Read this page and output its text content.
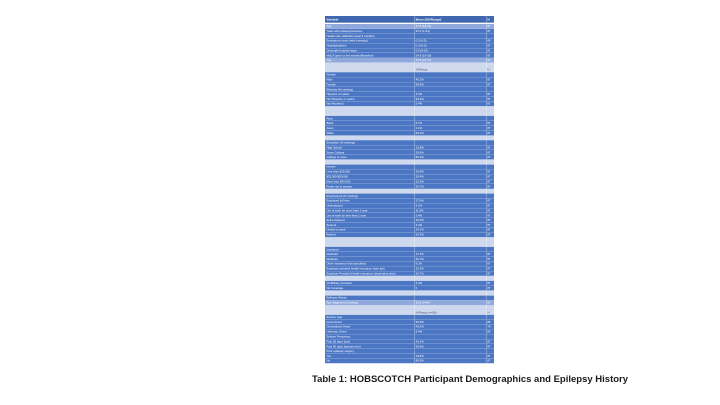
Variable	Mean (SD/Range)	N
Age	47.5 (18-74)	87
Years with epilepsy/seizures	20.4 (1-54)	87
Health care utilization (past 3 months)
Emergency room visits (missing)	0.5 (0-5)	86
Hospitalizations	0.3 (0-3)	87
Overnight hospital stays	0.5 (0-10)	87
MoCA (prior to first session/Baseline)	24.8 (16-30)	87
Age	47.5 (18-74)	87
%/Range	N
Gender
Male	40.2%	87
Female	59.8%	87
Ethnicity (% missing)
Hispanic or Latino	3.4%	87
Not Hispanic or Latino	93.1%	87
Not Reported	3.4%	87
Race
Black	5.7%	87
Asian	1.1%	87
White	93.1%	87
Education (% missing)
High School	13.8%	87
Some College	29.9%	87
College or more	56.3%	87
Income
Less than $25,000	19.5%	87
$25,000-$50,000	26.4%	87
More than $50,000	33.3%	87
Prefer not to answer	20.7%	87
Employment (% missing)
Employed full time	27.6%	87
Unemployed	9.2%	87
Out of work for more than 1 year	11.5%	87
Out of work for less than 1 year	3.4%	87
Self-employed	10.3%	87
Student	3.4%	87
Unable to work	24.1%	87
Retired	10.3%	87
Insurance
Medicaid	17.2%	87
Medicare	20.7%	87
Other insurance (Not specified)	9.2%	87
Employer provided health insurance (own job)	32.2%	87
Employer Provided Health Insurance (dependent plan)	20.7%	87
VA/Military provided	3.4%	87
No Coverage	0	87
Epilepsy History
Age diagnosed (missing)	20.5 (0-64)	86
%/Range (n=58)	N
Seizure type
Focal Onset	50.6%	85
Generalized Onset	43.0%	79
Unknown Onset	6.4%	80
Seizure Frequency
Past 30 days (yes)	43.1%	87
Past 30 days (seizure free)	56.9%	87
Prior epilepsy surgery
Yes	19.5%	87
No	80.5%	87
Table 1: HOBSCOTCH Participant Demographics and Epilepsy History
